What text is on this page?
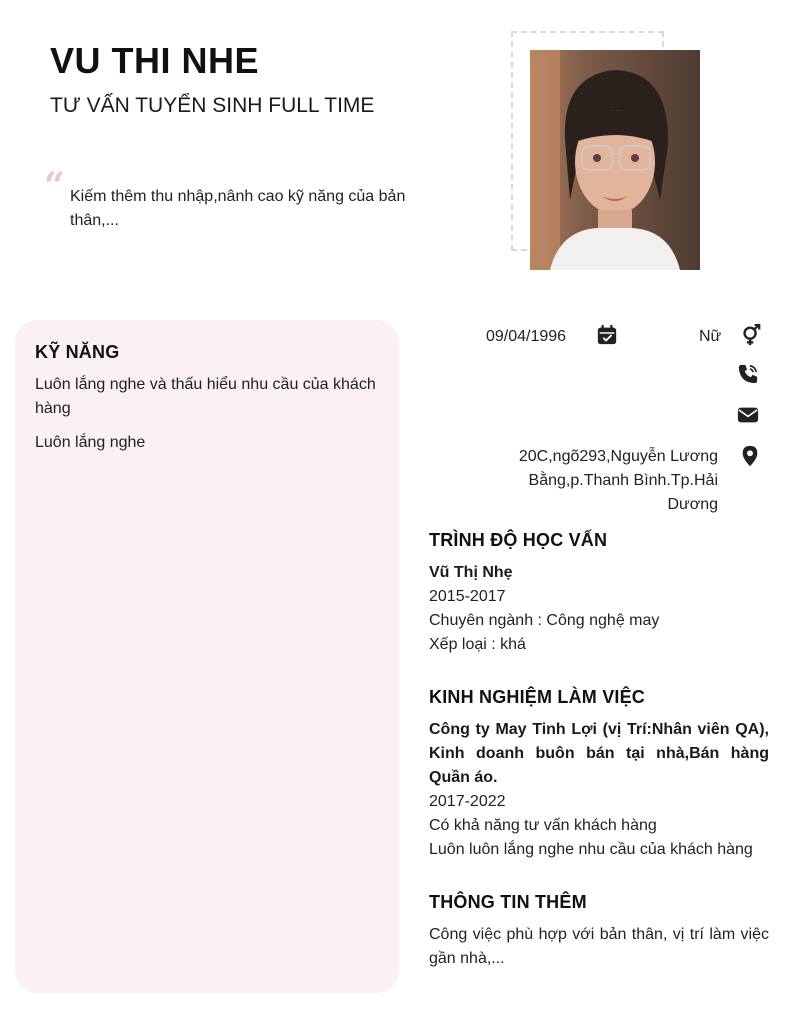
VU THI NHE
TƯ VẤN TUYỂN SINH FULL TIME
“ Kiếm thêm thu nhập,nânh cao kỹ năng của bản thân,...
KỸ NĂNG
Luôn lắng nghe và thấu hiểu nhu cầu của khách hàng
Luôn lắng nghe
09/04/1996	Nữ
20C,ngõ293,Nguyễn Lương Bằng,p.Thanh Bình.Tp.Hải Dương
TRÌNH ĐỘ HỌC VẤN
Vũ Thị Nhẹ
2015-2017
Chuyên ngành : Công nghệ may
Xếp loại : khá
KINH NGHIỆM LÀM VIỆC
Công ty May Tinh Lợi (vị Trí:Nhân viên QA), Kinh doanh buôn bán tại nhà,Bán hàng Quần áo.
2017-2022
Có khả năng tư vấn khách hàng
Luôn luôn lắng nghe nhu cầu của khách hàng
THÔNG TIN THÊM
Công việc phù hợp với bản thân, vị trí làm việc gần nhà,...
